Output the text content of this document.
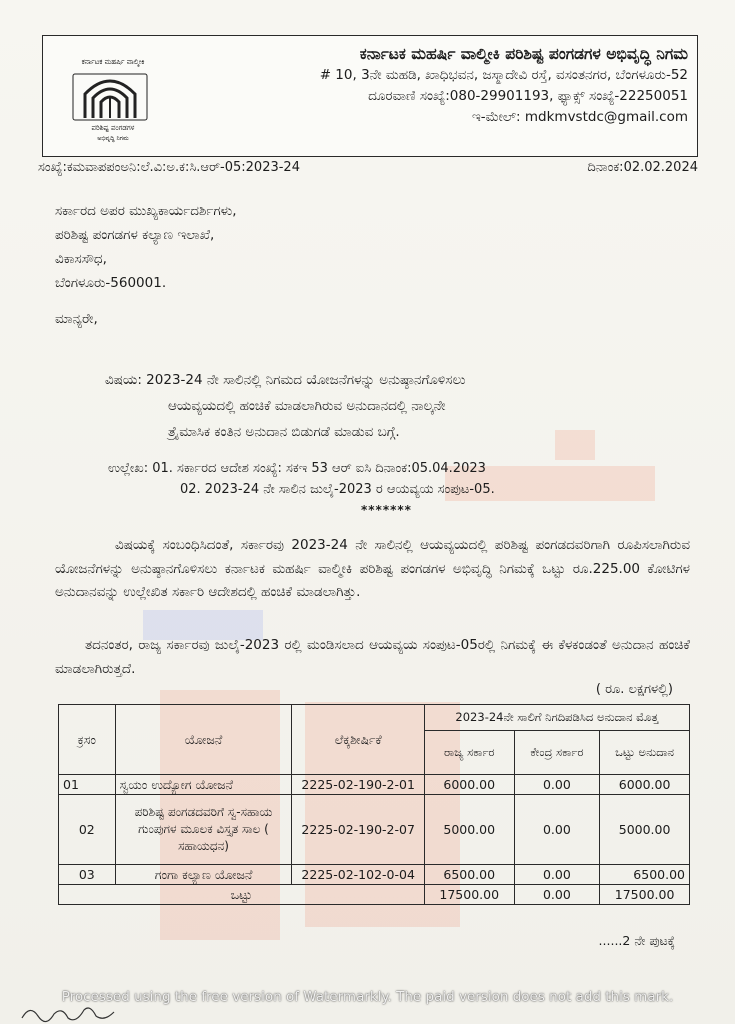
ಕರ್ನಾಟಕ ಮಹರ್ಷಿ ವಾಲ್ಮೀಕಿ
ಪರಿಶಿಷ್ಟ ಪಂಗಡಗಳ
ಅಭಿವೃದ್ಧಿ ನಿಗಮ
ಕರ್ನಾಟಕ ಮಹರ್ಷಿ ವಾಲ್ಮೀಕಿ ಪರಿಶಿಷ್ಟ ಪಂಗಡಗಳ ಅಭಿವೃದ್ಧಿ ನಿಗಮ
# 10, 3ನೇ ಮಹಡಿ, ಖಾಧಿಭವನ, ಜಸ್ಮಾದೇವಿ ರಸ್ತೆ, ವಸಂತನಗರ, ಬೆಂಗಳೂರು-52
ದೂರವಾಣಿ ಸಂಖ್ಯೆ:080-29901193, ಫ್ಯಾಕ್ಸ್ ಸಂಖ್ಯೆ-22250051
ಇ-ಮೇಲ್: mdkmvstdc@gmail.com
ಸಂಖ್ಯೆ:ಕಮವಾಪಪಂಅನಿ:ಲೆ.ವಿ:ಅ.ಕ:ಸಿ.ಆರ್-05:2023-24	ದಿನಾಂಕ:02.02.2024
ಸರ್ಕಾರದ ಅಪರ ಮುಖ್ಯಕಾರ್ಯದರ್ಶಿಗಳು,
ಪರಿಶಿಷ್ಟ ಪಂಗಡಗಳ ಕಲ್ಯಾಣ ಇಲಾಖೆ,
ವಿಕಾಸಸೌಧ,
ಬೆಂಗಳೂರು-560001.
ಮಾನ್ಯರೇ,
ವಿಷಯ: 2023-24 ನೇ ಸಾಲಿನಲ್ಲಿ ನಿಗಮದ ಯೋಜನೆಗಳನ್ನು ಅನುಷ್ಠಾನಗೊಳಿಸಲು
ಆಯವ್ಯಯದಲ್ಲಿ ಹಂಚಿಕೆ ಮಾಡಲಾಗಿರುವ ಅನುದಾನದಲ್ಲಿ ನಾಲ್ಕನೇ
ತ್ರೈಮಾಸಿಕ ಕಂತಿನ ಅನುದಾನ ಬಿಡುಗಡೆ ಮಾಡುವ ಬಗ್ಗೆ.
ಉಲ್ಲೇಖ: 01. ಸರ್ಕಾರದ ಆದೇಶ ಸಂಖ್ಯೆ: ಸಕಇ 53 ಆರ್ ಐಸಿ ದಿನಾಂಕ:05.04.2023
02. 2023-24 ನೇ ಸಾಲಿನ ಜುಲೈ-2023 ರ ಆಯವ್ಯಯ ಸಂಪುಟ-05.
*******
ವಿಷಯಕ್ಕೆ ಸಂಬಂಧಿಸಿದಂತೆ, ಸರ್ಕಾರವು 2023-24 ನೇ ಸಾಲಿನಲ್ಲಿ ಆಯವ್ಯಯದಲ್ಲಿ ಪರಿಶಿಷ್ಟ ಪಂಗಡದವರಿಗಾಗಿ ರೂಪಿಸಲಾಗಿರುವ ಯೋಜನೆಗಳನ್ನು ಅನುಷ್ಠಾನಗೊಳಿಸಲು ಕರ್ನಾಟಕ ಮಹರ್ಷಿ ವಾಲ್ಮೀಕಿ ಪರಿಶಿಷ್ಟ ಪಂಗಡಗಳ ಅಭಿವೃದ್ಧಿ ನಿಗಮಕ್ಕೆ ಒಟ್ಟು ರೂ.225.00 ಕೋಟಿಗಳ ಅನುದಾನವನ್ನು ಉಲ್ಲೇಖಿತ ಸರ್ಕಾರಿ ಆದೇಶದಲ್ಲಿ ಹಂಚಿಕೆ ಮಾಡಲಾಗಿತ್ತು.
ತದನಂತರ, ರಾಜ್ಯ ಸರ್ಕಾರವು ಜುಲೈ-2023 ರಲ್ಲಿ ಮಂಡಿಸಲಾದ ಆಯವ್ಯಯ ಸಂಪುಟ-05ರಲ್ಲಿ ನಿಗಮಕ್ಕೆ ಈ ಕೆಳಕಂಡಂತೆ ಅನುದಾನ ಹಂಚಿಕೆ ಮಾಡಲಾಗಿರುತ್ತದೆ.
( ರೂ. ಲಕ್ಷಗಳಲ್ಲಿ)
ಕ್ರಸಂ	ಯೋಜನೆ	ಲೆಕ್ಕಶೀರ್ಷಿಕೆ	2023-24ನೇ ಸಾಲಿಗೆ ನಿಗದಿಪಡಿಸಿದ ಅನುದಾನ ಮೊತ್ತ		
			ರಾಜ್ಯ ಸರ್ಕಾರ	ಕೇಂದ್ರ ಸರ್ಕಾರ	ಒಟ್ಟು ಅನುದಾನ
01	ಸ್ವಯಂ ಉದ್ಯೋಗ ಯೋಜನೆ	2225-02-190-2-01	6000.00	0.00	6000.00
02	ಪರಿಶಿಷ್ಟ ಪಂಗಡದವರಿಗೆ ಸ್ವ-ಸಹಾಯ ಗುಂಪುಗಳ ಮೂಲಕ ವಿಸ್ತೃತ ಸಾಲ ( ಸಹಾಯಧನ)	2225-02-190-2-07	5000.00	0.00	5000.00
03	ಗಂಗಾ ಕಲ್ಯಾಣ ಯೋಜನೆ	2225-02-102-0-04	6500.00	0.00	6500.00
ಒಟ್ಟು			17500.00	0.00	17500.00
......2 ನೇ ಪುಟಕ್ಕೆ
Processed using the free version of Watermarkly. The paid version does not add this mark.
